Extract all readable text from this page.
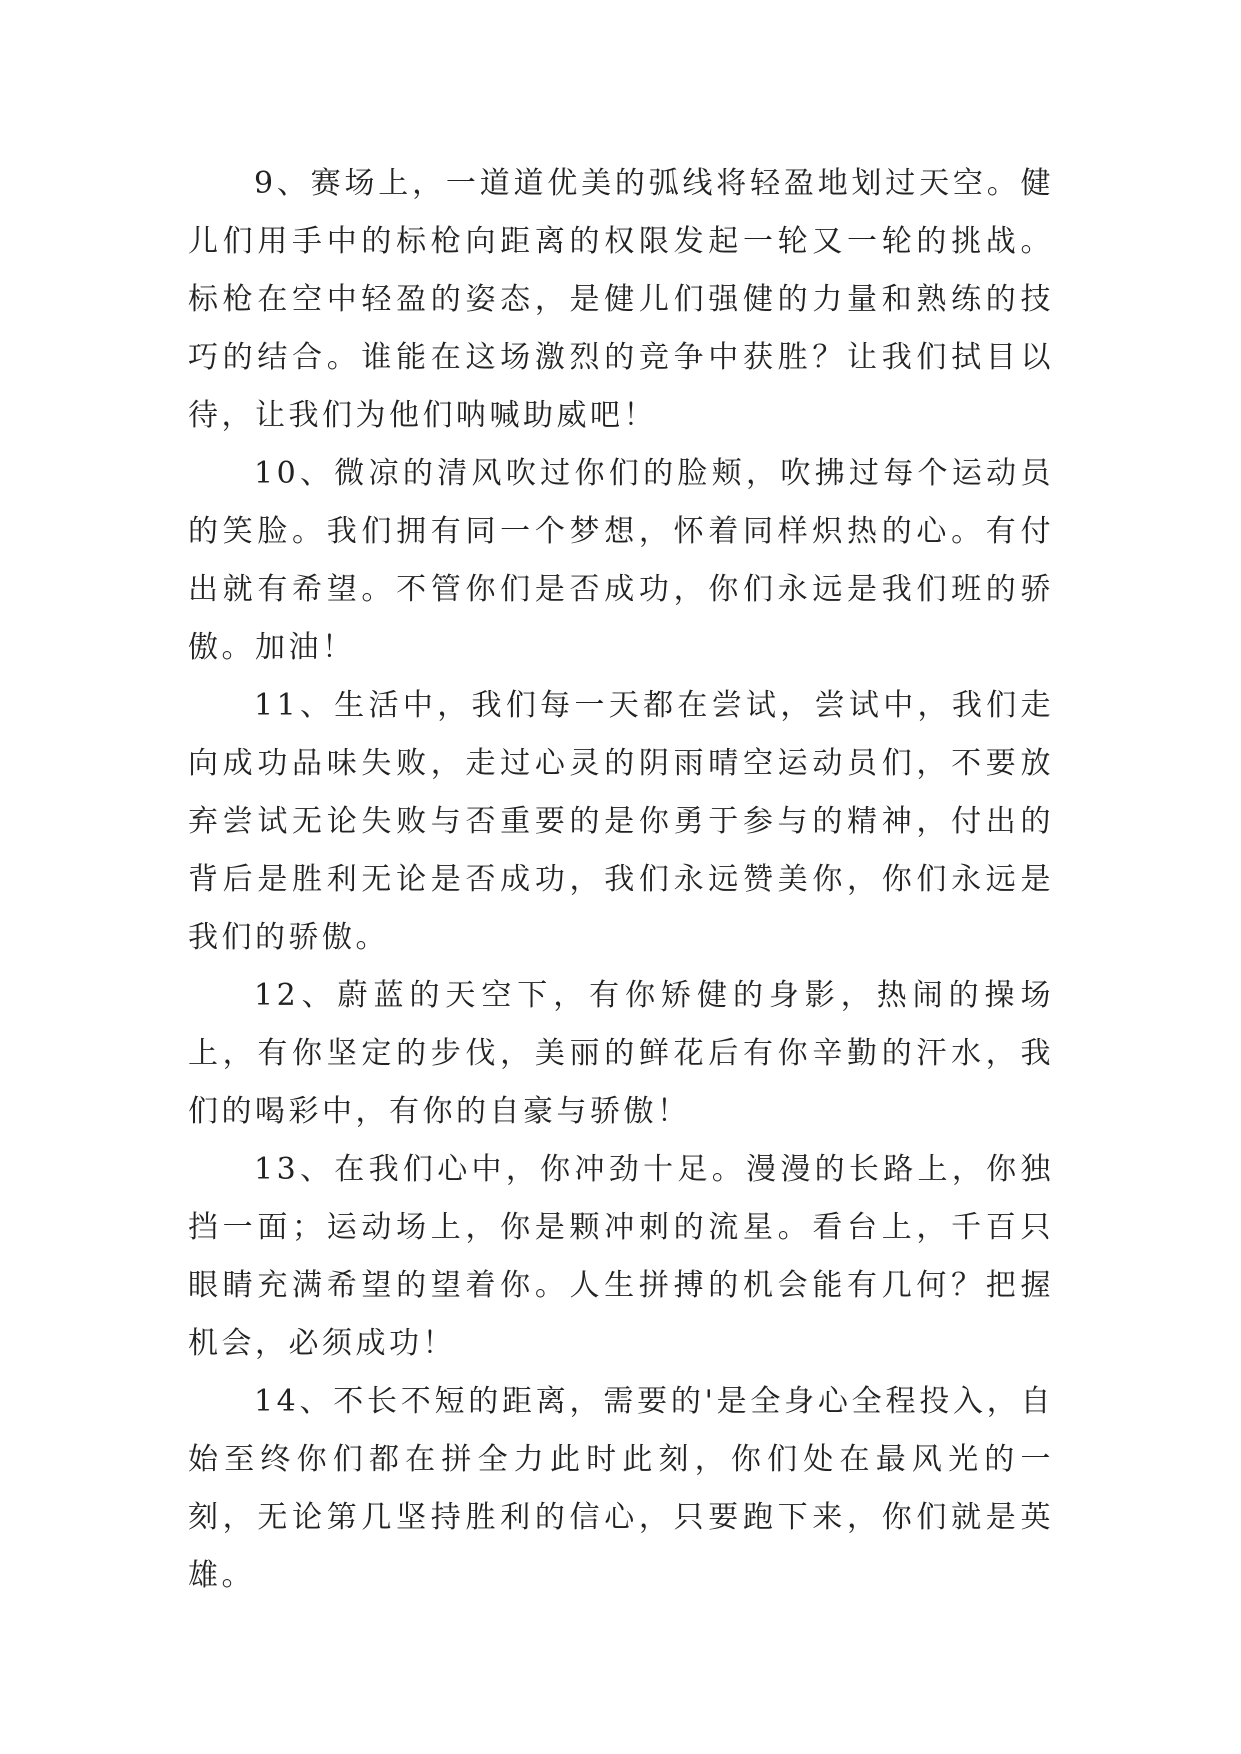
9、赛场上，一道道优美的弧线将轻盈地划过天空。健儿们用手中的标枪向距离的权限发起一轮又一轮的挑战。标枪在空中轻盈的姿态，是健儿们强健的力量和熟练的技巧的结合。谁能在这场激烈的竞争中获胜？让我们拭目以待，让我们为他们呐喊助威吧！

10、微凉的清风吹过你们的脸颊，吹拂过每个运动员的笑脸。我们拥有同一个梦想，怀着同样炽热的心。有付出就有希望。不管你们是否成功，你们永远是我们班的骄傲。加油！

11、生活中，我们每一天都在尝试，尝试中，我们走向成功品味失败，走过心灵的阴雨晴空运动员们，不要放弃尝试无论失败与否重要的是你勇于参与的精神，付出的背后是胜利无论是否成功，我们永远赞美你，你们永远是我们的骄傲。

12、蔚蓝的天空下，有你矫健的身影，热闹的操场上，有你坚定的步伐，美丽的鲜花后有你辛勤的汗水，我们的喝彩中，有你的自豪与骄傲！

13、在我们心中，你冲劲十足。漫漫的长路上，你独挡一面；运动场上，你是颗冲刺的流星。看台上，千百只眼睛充满希望的望着你。人生拼搏的机会能有几何？把握机会，必须成功！

14、不长不短的距离，需要的'是全身心全程投入，自始至终你们都在拼全力此时此刻，你们处在最风光的一刻，无论第几坚持胜利的信心，只要跑下来，你们就是英雄。
